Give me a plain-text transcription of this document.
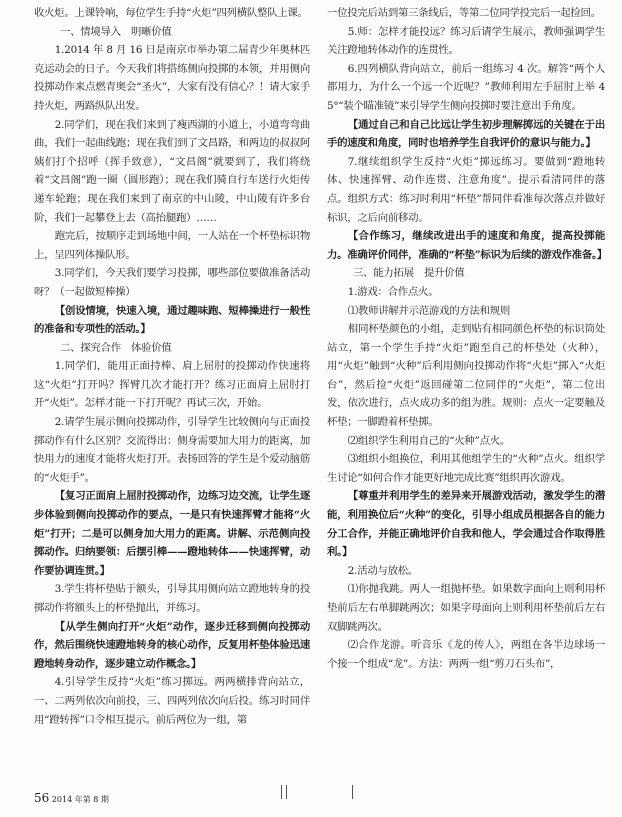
收火炬。上课铃响，每位学生手持“火炬”四列横队整队上课。

一、情境导入　明晰价值

1.2014 年 8 月 16 日是南京市举办第二届青少年奥林匹克运动会的日子。今天我们将搭练侧向投掷的本领，并用侧向投掷动作来点燃青奥会“圣火”，大家有没有信心？！请大家手持火炬，两路纵队出发。

2.同学们，现在我们来到了瘦西湖的小道上，小道弯弯曲曲，我们一起曲线跑；现在我们到了文昌路，和两边的叔叔阿姨们打个招呼（挥手致意），“文昌阁”就要到了，我们将绕着“文昌阁”跑一圈（圆形跑）；现在我们骑自行车送行火炬传递车轮跑；现在我们来到了南京的中山陵，中山陵有许多台阶，我们一起攀登上去（高抬腿跑）……

跑完后，按顺序走到场地中间，一人站在一个杯垫标识物上，呈四列体操队形。

3.同学们，今天我们要学习投掷，哪些部位要做准备活动呀？（一起做短棒操）

【创设情境，快速入境，通过趣味跑、短棒操进行一般性的准备和专项性的活动。】

二、探究合作　体验价值

1.同学们，能用正面持棒、肩上屈肘的投掷动作快速将这“火炬”打开吗？挥臂几次才能打开？练习正面肩上屈肘打开“火炬”。怎样才能一下打开呢？再试三次，开始。

2.请学生展示侧向投掷动作，引导学生比较侧向与正面投掷动作有什么区别？交流得出：侧身需要加大用力的距离，加快用力的速度才能将火炬打开。表扬回答的学生是个爱动脑筋的“火炬手”。

【复习正面肩上屈肘投掷动作，边练习边交流，让学生逐步体验到侧向投掷动作的要点，一是只有快速挥臂才能将“火炬”打开；二是可以侧身加大用力的距离。讲解、示范侧向投掷动作。归纳要领：后摆引棒——蹬地转体——快速挥臂，动作要协调连贯。】

3.学生将杯垫贴于额头，引导其用侧向站立蹬地转身的投掷动作将额头上的杯垫抛出，并练习。

【从学生侧向打开“火炬”动作，逐步迁移到侧向投掷动作，然后围绕快速蹬地转身的核心动作，反复用杯垫体验迅速蹬地转身动作，逐步建立动作概念。】

4.引导学生反持“火炬”练习掷远。两两横排背向站立，一、二两列依次向前投，三、四两列依次向后投。练习时同伴用“蹬转挥”口令相互提示。前后两位为一组，第

一位投完后站到第三条线后，等第二位同学投完后一起捡回。

5.师：怎样才能投远？练习后请学生展示，教师强调学生关注蹬地转体动作的连贯性。

6.四列横队背向站立，前后一组练习 4 次。解答“两个人都用力，为什么一个远一个近呢？”教师利用左手屈肘上举 45°“装个瞄准镜”来引导学生侧向投掷时要注意出手角度。

【通过自己和自己比远让学生初步理解掷远的关键在于出手的速度和角度，同时也培养学生自我评价的意识与能力。】

7.继续组织学生反持“火炬”掷远练习。要做到“蹬地转体、快速挥臂、动作连贯、注意角度”。提示看清同伴的落点。组织方式：练习时利用“杯垫”帮同伴看准每次落点并做好标识，之后向前移动。

【合作练习，继续改进出手的速度和角度，提高投掷能力。准确评价同伴，准确的“杯垫”标识为后续的游戏作准备。】

三、能力拓展　提升价值

1.游戏：合作点火。

⑴教师讲解并示范游戏的方法和规则

相同杯垫颜色的小组，走到贴有相同颜色杯垫的标识筒处站立，第一个学生手持“火炬”跑至自己的杯垫处（火种），用“火炬”触到“火种”后利用侧向投掷动作将“火炬”掷入“火炬台”，然后捡“火炬”返回碰第二位同伴的“火炬”，第二位出发，依次进行，点火成功多的组为胜。规则：点火一定要触及杯垫；一脚蹬着杯垫掷。

⑵组织学生利用自己的“火种”点火。

⑶组织小组换位，利用其他组学生的“火种”点火。组织学生讨论“如何合作才能更好地完成比赛”组织再次游戏。

【尊重并利用学生的差异来开展游戏活动，激发学生的潜能，利用换位后“火种”的变化，引导小组成员根据各自的能力分工合作，并能正确地评价自我和他人，学会通过合作取得胜利。】

2.活动与放松。

⑴你抛我跳。两人一组抛杯垫。如果数字面向上则利用杯垫前后左右单脚跳两次；如果字母面向上则利用杯垫前后左右双脚跳两次。

⑵合作龙游。听音乐《龙的传人》，两组在各半边球场一个接一个组成“龙”。方法：两两一组“剪刀石头布”，

56 2014 年第 8 期
